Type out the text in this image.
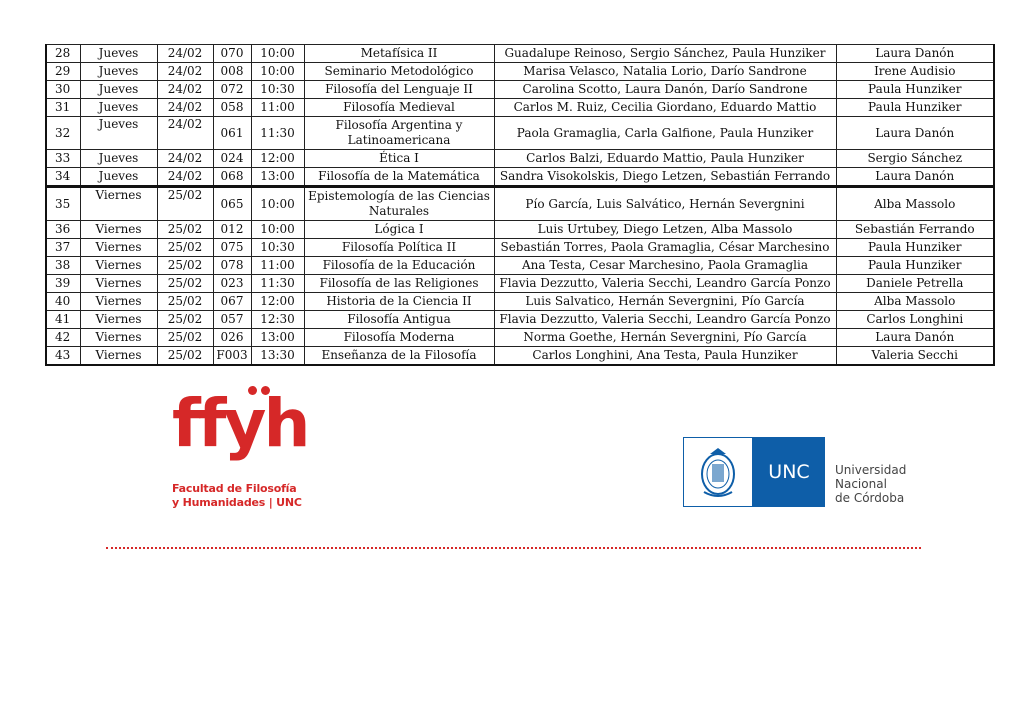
28	Jueves	24/02	070	10:00	Metafísica II	Guadalupe Reinoso, Sergio Sánchez, Paula Hunziker	Laura Danón
29	Jueves	24/02	008	10:00	Seminario Metodológico	Marisa Velasco, Natalia Lorio, Darío Sandrone	Irene Audisio
30	Jueves	24/02	072	10:30	Filosofía del Lenguaje II	Carolina Scotto, Laura Danón, Darío Sandrone	Paula Hunziker
31	Jueves	24/02	058	11:00	Filosofía Medieval	Carlos M. Ruiz, Cecilia Giordano, Eduardo Mattio	Paula Hunziker
32	Jueves	24/02	061	11:30	Filosofía Argentina y Latinoamericana	Paola Gramaglia, Carla Galfione, Paula Hunziker	Laura Danón
33	Jueves	24/02	024	12:00	Ética I	Carlos Balzi, Eduardo Mattio, Paula Hunziker	Sergio Sánchez
34	Jueves	24/02	068	13:00	Filosofía de la Matemática	Sandra Visokolskis, Diego Letzen, Sebastián Ferrando	Laura Danón
35	Viernes	25/02	065	10:00	Epistemología de las Ciencias Naturales	Pío García, Luis Salvático, Hernán Severgnini	Alba Massolo
36	Viernes	25/02	012	10:00	Lógica I	Luis Urtubey, Diego Letzen, Alba Massolo	Sebastián Ferrando
37	Viernes	25/02	075	10:30	Filosofía Política II	Sebastián Torres, Paola Gramaglia, César Marchesino	Paula Hunziker
38	Viernes	25/02	078	11:00	Filosofía de la Educación	Ana Testa, Cesar Marchesino, Paola Gramaglia	Paula Hunziker
39	Viernes	25/02	023	11:30	Filosofía de las Religiones	Flavia Dezzutto, Valeria Secchi, Leandro García Ponzo	Daniele Petrella
40	Viernes	25/02	067	12:00	Historia de la Ciencia II	Luis Salvatico, Hernán Severgnini, Pío García	Alba Massolo
41	Viernes	25/02	057	12:30	Filosofía Antigua	Flavia Dezzutto, Valeria Secchi, Leandro García Ponzo	Carlos Longhini
42	Viernes	25/02	026	13:00	Filosofía Moderna	Norma Goethe, Hernán Severgnini, Pío García	Laura Danón
43	Viernes	25/02	F003	13:30	Enseñanza de la Filosofía	Carlos Longhini, Ana Testa, Paula Hunziker	Valeria Secchi
ffyh
Facultad de Filosofía
y Humanidades | UNC
UNC	Universidad
Nacional
de Córdoba
